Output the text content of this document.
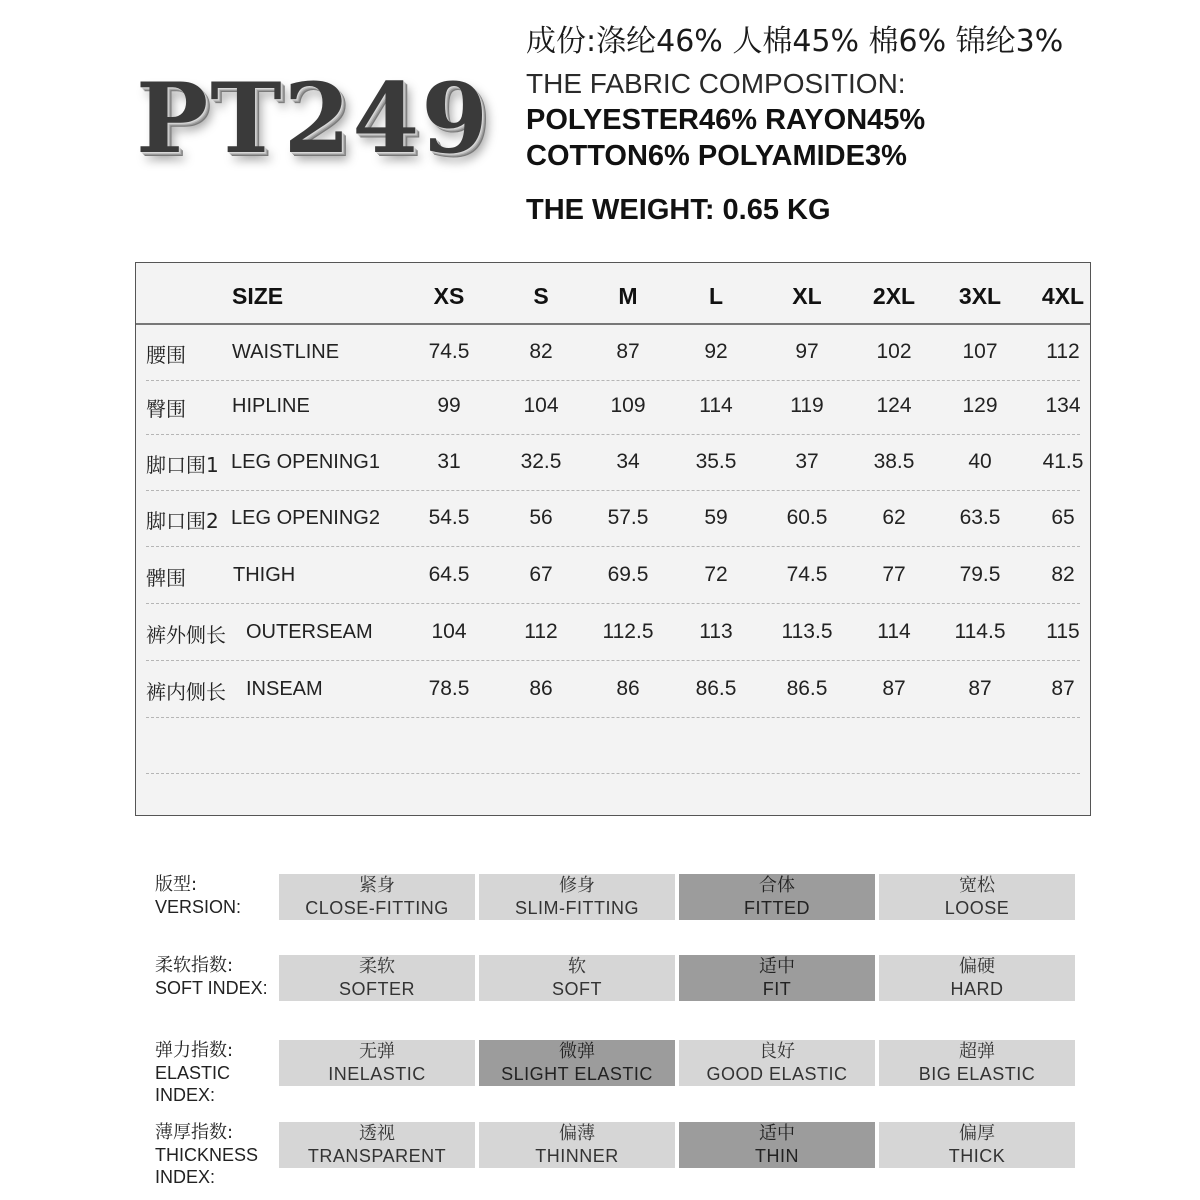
PT249
成份:涤纶46% 人棉45% 棉6% 锦纶3%
THE FABRIC COMPOSITION:
POLYESTER46% RAYON45%
COTTON6% POLYAMIDE3%
THE WEIGHT: 0.65 KG
SIZE	XS	S	M	L	XL 2XL 3XL 4XL
腰围 WAISTLINE	74.5	82	87	92	97	102 107 112
臀围 HIPLINE	99	104 109	114	119	124 129 134
脚口围1 LEG OPENING1	31	32.5	34	35.5	37	38.5	40 41.5
脚口围2 LEG OPENING2 54.5	56	57.5	59	60.5	62	63.5 65
髀围 THIGH	64.5	67	69.5	72	74.5	77	79.5 82
裤外侧长 OUTERSEAM	104	112 112.5 113 113.5 114 114.5 115
裤内侧长 INSEAM	78.5	86	86	86.5 86.5	87	87	87
版型:
VERSION:
紧身
CLOSE-FITTING
修身
SLIM-FITTING
合体
FITTED
宽松
LOOSE
柔软指数:
SOFT INDEX:
柔软
SOFTER
软
SOFT
适中
FIT
偏硬
HARD
弹力指数:
ELASTIC INDEX:
无弹
INELASTIC
微弹
SLIGHT ELASTIC
良好
GOOD ELASTIC
超弹
BIG ELASTIC
薄厚指数:
THICKNESS INDEX:
透视
TRANSPARENT
偏薄
THINNER
适中
THIN
偏厚
THICK
